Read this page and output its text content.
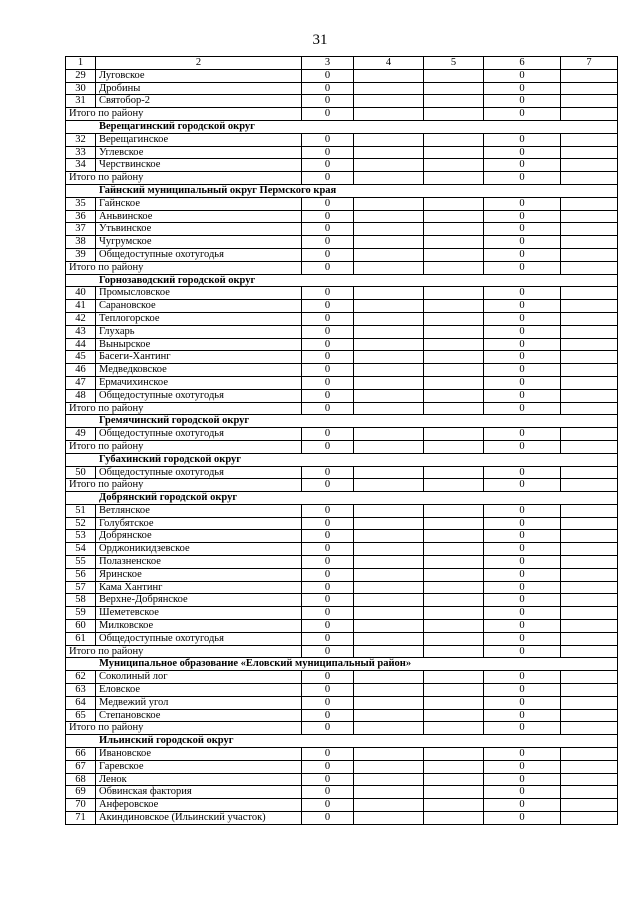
31
1	2	3	4	5	6	7
29	Луговское	0			0	
30	Дробины	0			0	
31	Святобор-2	0			0	
Итого по району		0			0	
Верещагинский городской округ						
32	Верещагинское	0			0	
33	Углевское	0			0	
34	Черствинское	0			0	
Итого по району		0			0	
Гайнский муниципальный округ Пермского края						
35	Гайнское	0			0	
36	Аньвинское	0			0	
37	Утьвинское	0			0	
38	Чугрумское	0			0	
39	Общедоступные охотугодья	0			0	
Итого по району		0			0	
Горнозаводский городской округ						
40	Промысловское	0			0	
41	Сарановское	0			0	
42	Теплогорское	0			0	
43	Глухарь	0			0	
44	Вынырское	0			0	
45	Басеги-Хантинг	0			0	
46	Медведковское	0			0	
47	Ермачихинское	0			0	
48	Общедоступные охотугодья	0			0	
Итого по району		0			0	
Гремячинский городской округ						
49	Общедоступные охотугодья	0			0	
Итого по району		0			0	
Губахинский городской округ						
50	Общедоступные охотугодья	0			0	
Итого по району		0			0	
Добрянский городской округ						
51	Ветлянское	0			0	
52	Голубятское	0			0	
53	Добрянское	0			0	
54	Орджоникидзевское	0			0	
55	Полазненское	0			0	
56	Яринское	0			0	
57	Кама Хантинг	0			0	
58	Верхне-Добрянское	0			0	
59	Шеметевское	0			0	
60	Милковское	0			0	
61	Общедоступные охотугодья	0			0	
Итого по району		0			0	
Муниципальное образование «Еловский муниципальный район»						
62	Соколиный лог	0			0	
63	Еловское	0			0	
64	Медвежий угол	0			0	
65	Степановское	0			0	
Итого по району		0			0	
Ильинский городской округ						
66	Ивановское	0			0	
67	Гаревское	0			0	
68	Ленок	0			0	
69	Обвинская фактория	0			0	
70	Анферовское	0			0	
71	Акиндиновское (Ильинский участок)	0			0	
